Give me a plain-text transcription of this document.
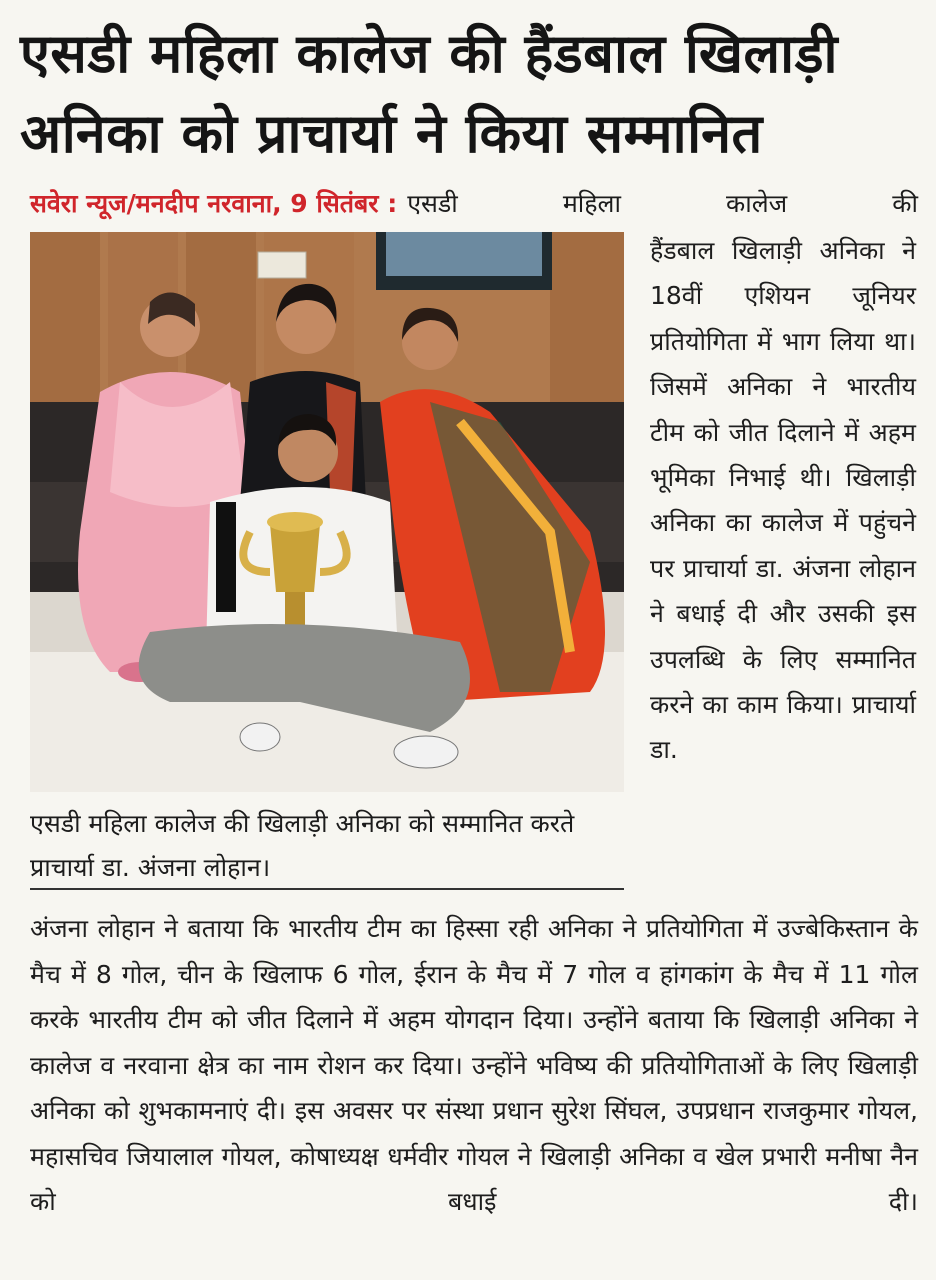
एसडी महिला कालेज की हैंडबाल खिलाड़ी अनिका को प्राचार्या ने किया सम्मानित
सवेरा न्यूज/मनदीप नरवाना, 9 सितंबर : एसडी महिला कालेज की

एसडी महिला कालेज की खिलाड़ी अनिका को सम्मानित करते प्राचार्या डा. अंजना लोहान।

हैंडबाल खिलाड़ी अनिका ने 18वीं एशियन जूनियर प्रतियोगिता में भाग लिया था। जिसमें अनिका ने भारतीय टीम को जीत दिलाने में अहम भूमिका निभाई थी। खिलाड़ी अनिका का कालेज में पहुंचने पर प्राचार्या डा. अंजना लोहान ने बधाई दी और उसकी इस उपलब्धि के लिए सम्मानित करने का काम किया। प्राचार्या डा.

अंजना लोहान ने बताया कि भारतीय टीम का हिस्सा रही अनिका ने प्रतियोगिता में उज्बेकिस्तान के मैच में 8 गोल, चीन के खिलाफ 6 गोल, ईरान के मैच में 7 गोल व हांगकांग के मैच में 11 गोल करके भारतीय टीम को जीत दिलाने में अहम योगदान दिया। उन्होंने बताया कि खिलाड़ी अनिका ने कालेज व नरवाना क्षेत्र का नाम रोशन कर दिया। उन्होंने भविष्य की प्रतियोगिताओं के लिए खिलाड़ी अनिका को शुभकामनाएं दी। इस अवसर पर संस्था प्रधान सुरेश सिंघल, उपप्रधान राजकुमार गोयल, महासचिव जियालाल गोयल, कोषाध्यक्ष धर्मवीर गोयल ने खिलाड़ी अनिका व खेल प्रभारी मनीषा नैन को बधाई दी।
